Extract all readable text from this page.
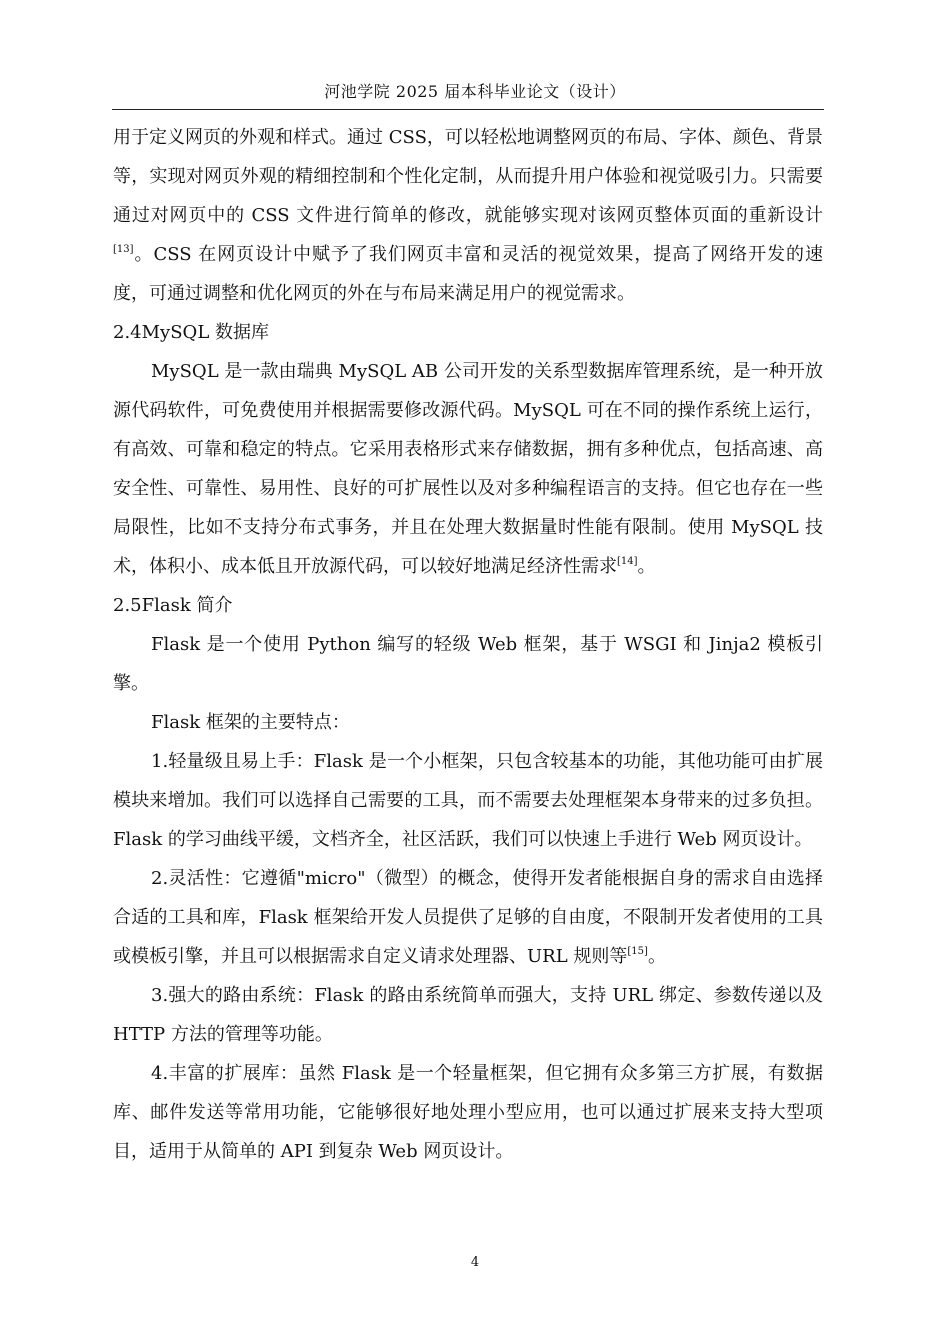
河池学院 2025 届本科毕业论文（设计）

用于定义网页的外观和样式。通过 CSS，可以轻松地调整网页的布局、字体、颜色、背景等，实现对网页外观的精细控制和个性化定制，从而提升用户体验和视觉吸引力。只需要通过对网页中的 CSS 文件进行简单的修改，就能够实现对该网页整体页面的重新设计[13]。CSS 在网页设计中赋予了我们网页丰富和灵活的视觉效果，提高了网络开发的速度，可通过调整和优化网页的外在与布局来满足用户的视觉需求。

2.4MySQL 数据库

MySQL 是一款由瑞典 MySQL AB 公司开发的关系型数据库管理系统，是一种开放源代码软件，可免费使用并根据需要修改源代码。MySQL 可在不同的操作系统上运行，有高效、可靠和稳定的特点。它采用表格形式来存储数据，拥有多种优点，包括高速、高安全性、可靠性、易用性、良好的可扩展性以及对多种编程语言的支持。但它也存在一些局限性，比如不支持分布式事务，并且在处理大数据量时性能有限制。使用 MySQL 技术，体积小、成本低且开放源代码，可以较好地满足经济性需求[14]。

2.5Flask 简介

Flask 是一个使用 Python 编写的轻级 Web 框架，基于 WSGI 和 Jinja2 模板引擎。

Flask 框架的主要特点：

1.轻量级且易上手：Flask 是一个小框架，只包含较基本的功能，其他功能可由扩展模块来增加。我们可以选择自己需要的工具，而不需要去处理框架本身带来的过多负担。Flask 的学习曲线平缓，文档齐全，社区活跃，我们可以快速上手进行 Web 网页设计。

2.灵活性：它遵循"micro"（微型）的概念，使得开发者能根据自身的需求自由选择合适的工具和库，Flask 框架给开发人员提供了足够的自由度，不限制开发者使用的工具或模板引擎，并且可以根据需求自定义请求处理器、URL 规则等[15]。

3.强大的路由系统：Flask 的路由系统简单而强大，支持 URL 绑定、参数传递以及 HTTP 方法的管理等功能。

4.丰富的扩展库：虽然 Flask 是一个轻量框架，但它拥有众多第三方扩展，有数据库、邮件发送等常用功能，它能够很好地处理小型应用，也可以通过扩展来支持大型项目，适用于从简单的 API 到复杂 Web 网页设计。

4
